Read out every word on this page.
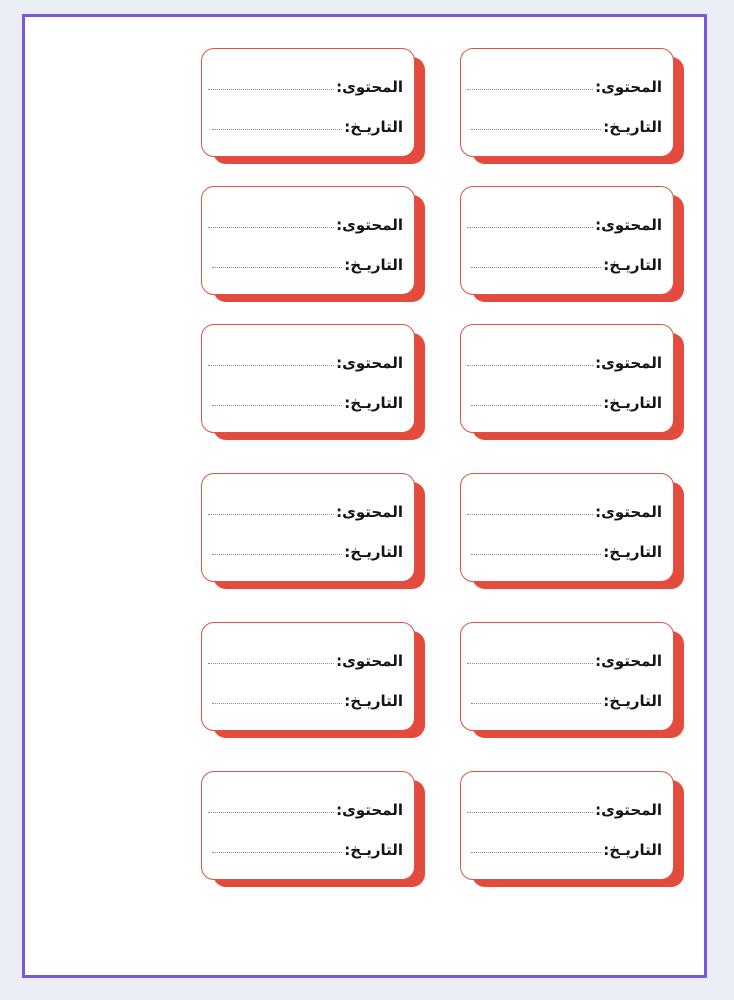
المحتوى:
التاريـخ:
المحتوى:
التاريـخ:
المحتوى:
التاريـخ:
المحتوى:
التاريـخ:
المحتوى:
التاريـخ:
المحتوى:
التاريـخ:
المحتوى:
التاريـخ:
المحتوى:
التاريـخ:
المحتوى:
التاريـخ:
المحتوى:
التاريـخ:
المحتوى:
التاريـخ:
المحتوى:
التاريـخ:
